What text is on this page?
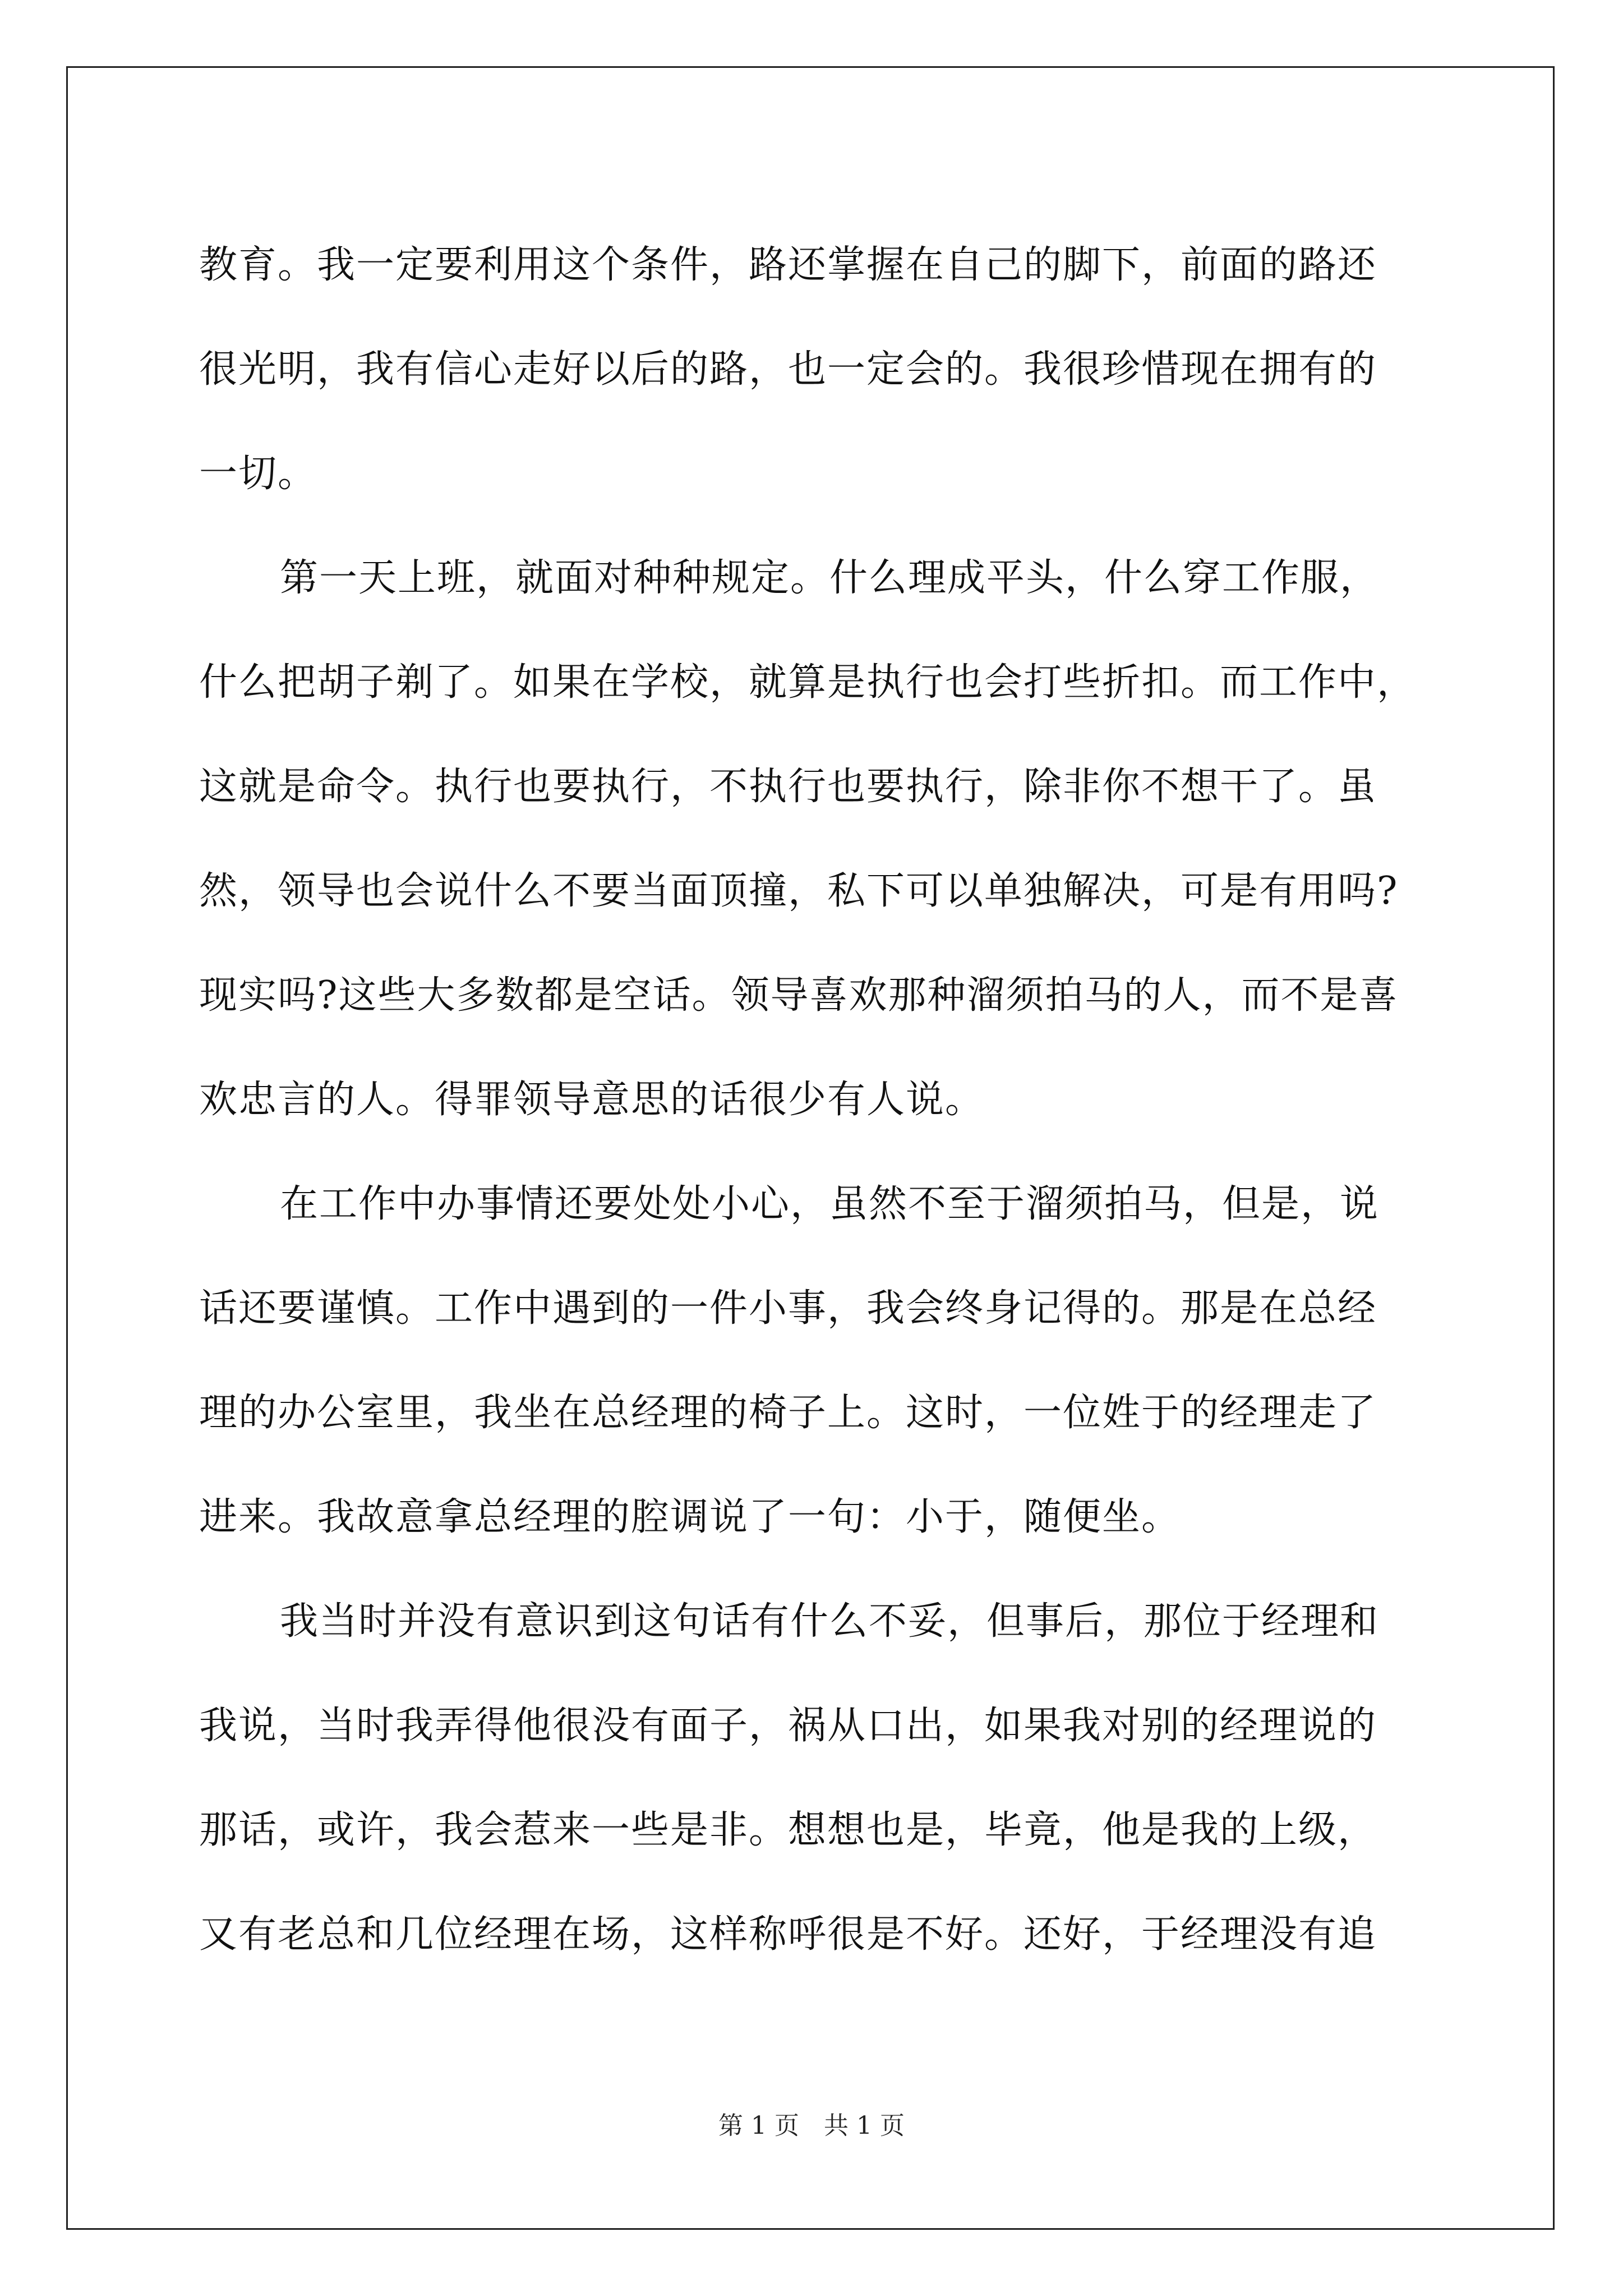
教育。我一定要利用这个条件，路还掌握在自己的脚下，前面的路还
很光明，我有信心走好以后的路，也一定会的。我很珍惜现在拥有的
一切。

第一天上班，就面对种种规定。什么理成平头，什么穿工作服，
什么把胡子剃了。如果在学校，就算是执行也会打些折扣。而工作中，
这就是命令。执行也要执行，不执行也要执行，除非你不想干了。虽
然，领导也会说什么不要当面顶撞，私下可以单独解决，可是有用吗?
现实吗?这些大多数都是空话。领导喜欢那种溜须拍马的人，而不是喜
欢忠言的人。得罪领导意思的话很少有人说。

在工作中办事情还要处处小心，虽然不至于溜须拍马，但是，说
话还要谨慎。工作中遇到的一件小事，我会终身记得的。那是在总经
理的办公室里，我坐在总经理的椅子上。这时，一位姓于的经理走了
进来。我故意拿总经理的腔调说了一句：小于，随便坐。

我当时并没有意识到这句话有什么不妥，但事后，那位于经理和
我说，当时我弄得他很没有面子，祸从口出，如果我对别的经理说的
那话，或许，我会惹来一些是非。想想也是，毕竟，他是我的上级，
又有老总和几位经理在场，这样称呼很是不好。还好，于经理没有追

第 1 页　共 1 页
